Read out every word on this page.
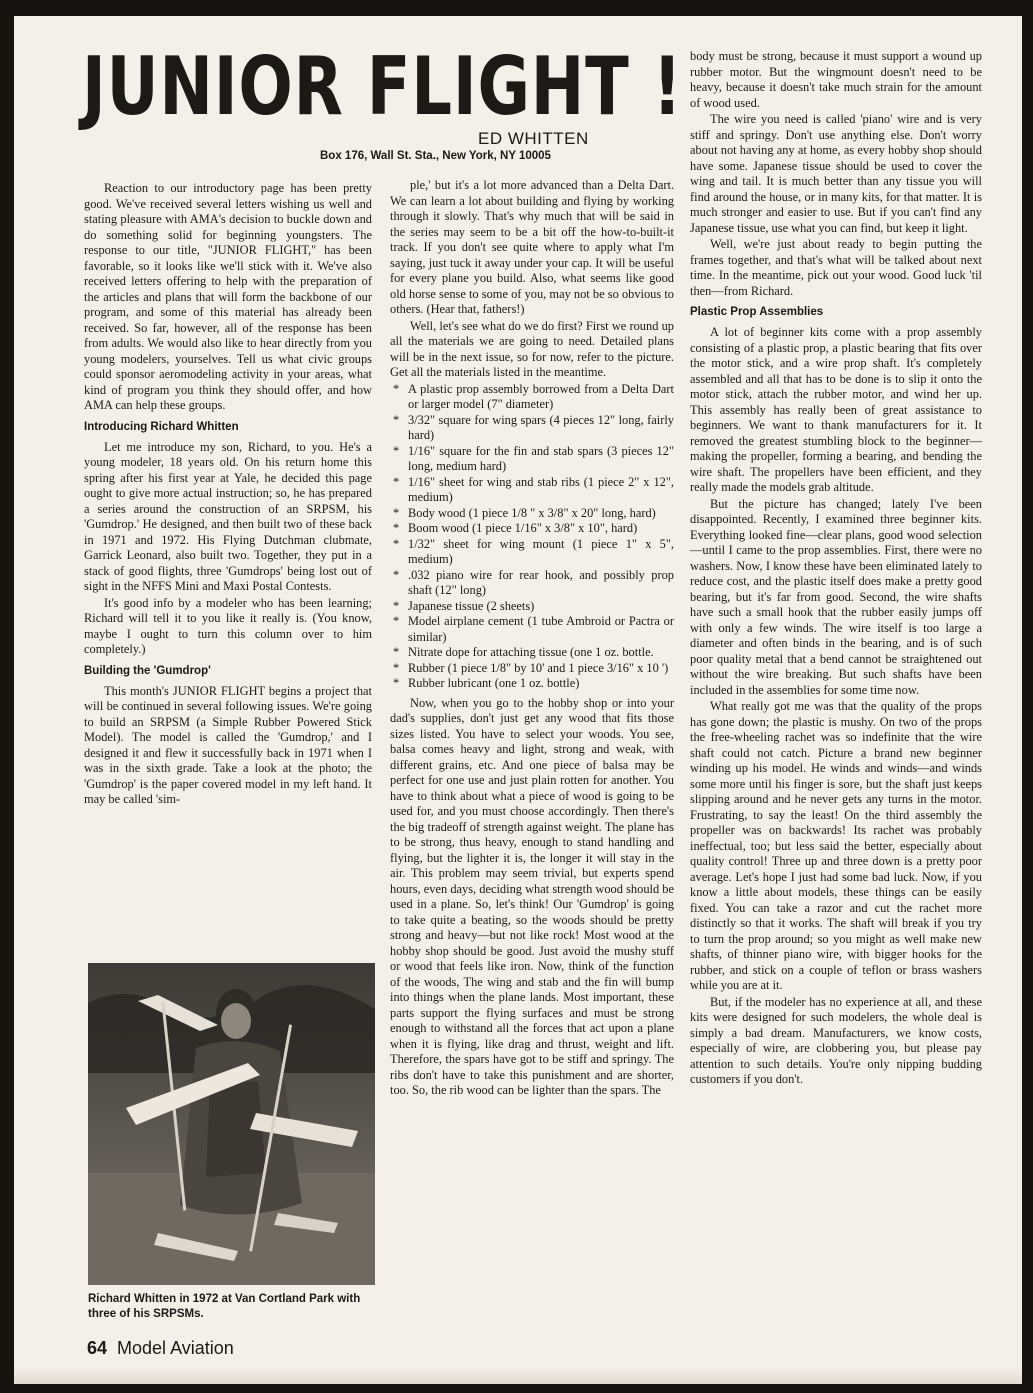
JUNIOR FLIGHT !

ED WHITTEN

Box 176, Wall St. Sta., New York, NY 10005

Reaction to our introductory page has been pretty good. We've received several letters wishing us well and stating pleasure with AMA's decision to buckle down and do something solid for beginning youngsters. The response to our title, "JUNIOR FLIGHT," has been favorable, so it looks like we'll stick with it. We've also received letters offering to help with the preparation of the articles and plans that will form the backbone of our program, and some of this material has already been received. So far, however, all of the response has been from adults. We would also like to hear directly from you young modelers, yourselves. Tell us what civic groups could sponsor aeromodeling activity in your areas, what kind of program you think they should offer, and how AMA can help these groups.

Introducing Richard Whitten

Let me introduce my son, Richard, to you. He's a young modeler, 18 years old. On his return home this spring after his first year at Yale, he decided this page ought to give more actual instruction; so, he has prepared a series around the construction of an SRPSM, his 'Gumdrop.' He designed, and then built two of these back in 1971 and 1972. His Flying Dutchman clubmate, Garrick Leonard, also built two. Together, they put in a stack of good flights, three 'Gumdrops' being lost out of sight in the NFFS Mini and Maxi Postal Contests.

It's good info by a modeler who has been learning; Richard will tell it to you like it really is. (You know, maybe I ought to turn this column over to him completely.)

Building the 'Gumdrop'

This month's JUNIOR FLIGHT begins a project that will be continued in several following issues. We're going to build an SRPSM (a Simple Rubber Powered Stick Model). The model is called the 'Gumdrop,' and I designed it and flew it successfully back in 1971 when I was in the sixth grade. Take a look at the photo; the 'Gumdrop' is the paper covered model in my left hand. It may be called 'sim-

Richard Whitten in 1972 at Van Cortland Park with three of his SRPSMs.

ple,' but it's a lot more advanced than a Delta Dart. We can learn a lot about building and flying by working through it slowly. That's why much that will be said in the series may seem to be a bit off the how-to-built-it track. If you don't see quite where to apply what I'm saying, just tuck it away under your cap. It will be useful for every plane you build. Also, what seems like good old horse sense to some of you, may not be so obvious to others. (Hear that, fathers!)

Well, let's see what do we do first? First we round up all the materials we are going to need. Detailed plans will be in the next issue, so for now, refer to the picture. Get all the materials listed in the meantime.

* A plastic prop assembly borrowed from a Delta Dart or larger model (7" diameter)
* 3/32" square for wing spars (4 pieces 12" long, fairly hard)
* 1/16" square for the fin and stab spars (3 pieces 12" long, medium hard)
* 1/16" sheet for wing and stab ribs (1 piece 2" x 12", medium)
* Body wood (1 piece 1/8 " x 3/8" x 20" long, hard)
* Boom wood (1 piece 1/16" x 3/8" x 10", hard)
* 1/32" sheet for wing mount (1 piece 1" x 5", medium)
* .032 piano wire for rear hook, and possibly prop shaft (12" long)
* Japanese tissue (2 sheets)
* Model airplane cement (1 tube Ambroid or Pactra or similar)
* Nitrate dope for attaching tissue (one 1 oz. bottle.
* Rubber (1 piece 1/8" by 10' and 1 piece 3/16" x 10 ')
* Rubber lubricant (one 1 oz. bottle)

Now, when you go to the hobby shop or into your dad's supplies, don't just get any wood that fits those sizes listed. You have to select your woods. You see, balsa comes heavy and light, strong and weak, with different grains, etc. And one piece of balsa may be perfect for one use and just plain rotten for another. You have to think about what a piece of wood is going to be used for, and you must choose accordingly. Then there's the big tradeoff of strength against weight. The plane has to be strong, thus heavy, enough to stand handling and flying, but the lighter it is, the longer it will stay in the air. This problem may seem trivial, but experts spend hours, even days, deciding what strength wood should be used in a plane. So, let's think! Our 'Gumdrop' is going to take quite a beating, so the woods should be pretty strong and heavy—but not like rock! Most wood at the hobby shop should be good. Just avoid the mushy stuff or wood that feels like iron. Now, think of the function of the woods, The wing and stab and the fin will bump into things when the plane lands. Most important, these parts support the flying surfaces and must be strong enough to withstand all the forces that act upon a plane when it is flying, like drag and thrust, weight and lift. Therefore, the spars have got to be stiff and springy. The ribs don't have to take this punishment and are shorter, too. So, the rib wood can be lighter than the spars. The

body must be strong, because it must support a wound up rubber motor. But the wingmount doesn't need to be heavy, because it doesn't take much strain for the amount of wood used.

The wire you need is called 'piano' wire and is very stiff and springy. Don't use anything else. Don't worry about not having any at home, as every hobby shop should have some. Japanese tissue should be used to cover the wing and tail. It is much better than any tissue you will find around the house, or in many kits, for that matter. It is much stronger and easier to use. But if you can't find any Japanese tissue, use what you can find, but keep it light.

Well, we're just about ready to begin putting the frames together, and that's what will be talked about next time. In the meantime, pick out your wood. Good luck 'til then—from Richard.

Plastic Prop Assemblies

A lot of beginner kits come with a prop assembly consisting of a plastic prop, a plastic bearing that fits over the motor stick, and a wire prop shaft. It's completely assembled and all that has to be done is to slip it onto the motor stick, attach the rubber motor, and wind her up. This assembly has really been of great assistance to beginners. We want to thank manufacturers for it. It removed the greatest stumbling block to the beginner—making the propeller, forming a bearing, and bending the wire shaft. The propellers have been efficient, and they really made the models grab altitude.

But the picture has changed; lately I've been disappointed. Recently, I examined three beginner kits. Everything looked fine—clear plans, good wood selection—until I came to the prop assemblies. First, there were no washers. Now, I know these have been eliminated lately to reduce cost, and the plastic itself does make a pretty good bearing, but it's far from good. Second, the wire shafts have such a small hook that the rubber easily jumps off with only a few winds. The wire itself is too large a diameter and often binds in the bearing, and is of such poor quality metal that a bend cannot be straightened out without the wire breaking. But such shafts have been included in the assemblies for some time now.

What really got me was that the quality of the props has gone down; the plastic is mushy. On two of the props the free-wheeling rachet was so indefinite that the wire shaft could not catch. Picture a brand new beginner winding up his model. He winds and winds—and winds some more until his finger is sore, but the shaft just keeps slipping around and he never gets any turns in the motor. Frustrating, to say the least! On the third assembly the propeller was on backwards! Its rachet was probably ineffectual, too; but less said the better, especially about quality control! Three up and three down is a pretty poor average. Let's hope I just had some bad luck. Now, if you know a little about models, these things can be easily fixed. You can take a razor and cut the rachet more distinctly so that it works. The shaft will break if you try to turn the prop around; so you might as well make new shafts, of thinner piano wire, with bigger hooks for the rubber, and stick on a couple of teflon or brass washers while you are at it.

But, if the modeler has no experience at all, and these kits were designed for such modelers, the whole deal is simply a bad dream. Manufacturers, we know costs, especially of wire, are clobbering you, but please pay attention to such details. You're only nipping budding customers if you don't.

64 Model Aviation
